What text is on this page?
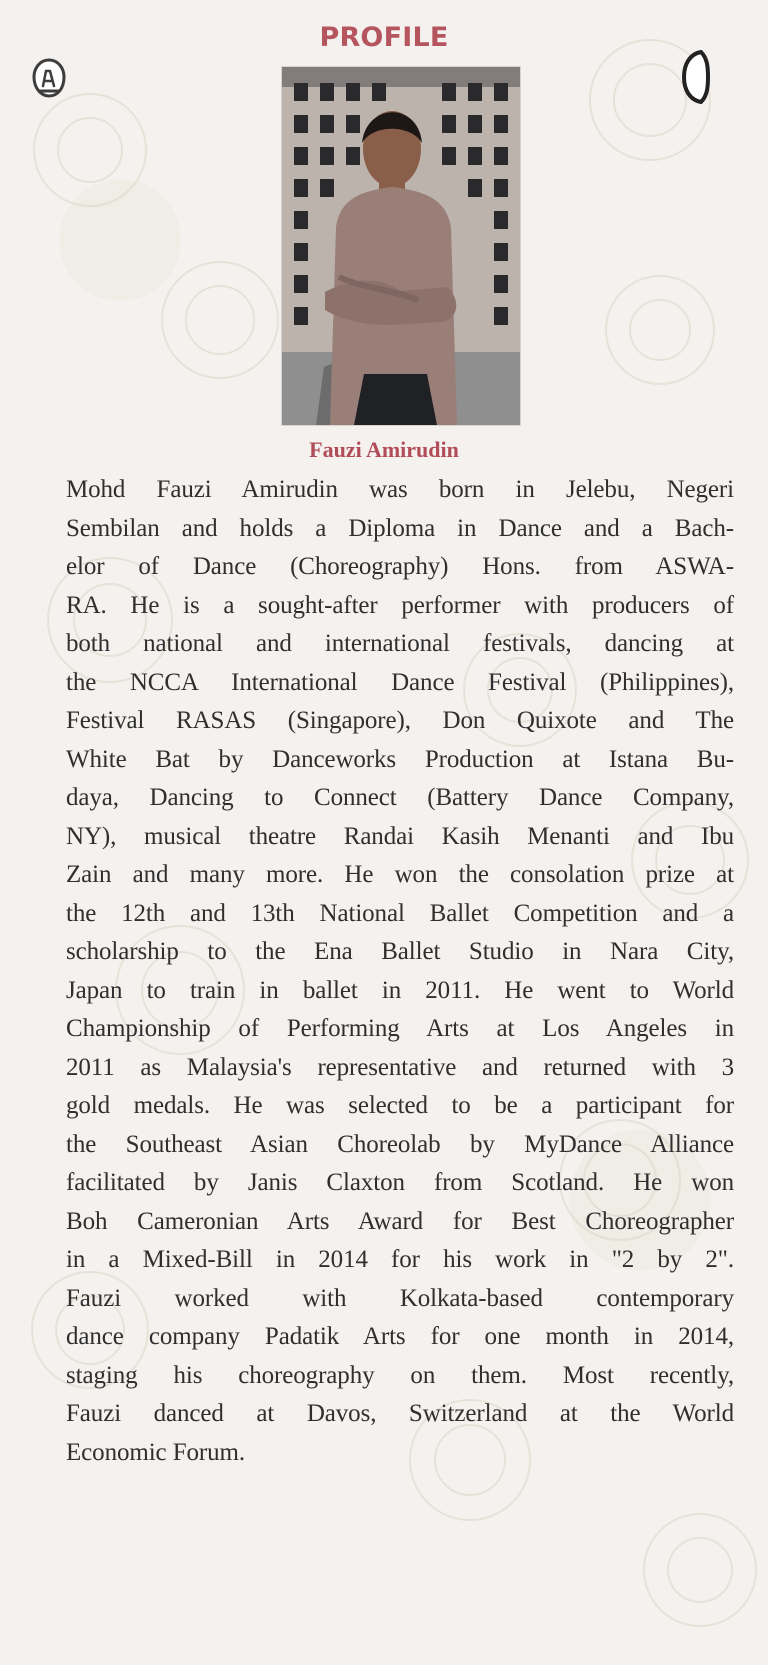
PROFILE
Fauzi Amirudin
Mohd Fauzi Amirudin was born in Jelebu, Negeri
Sembilan and holds a Diploma in Dance and a Bach-
elor of Dance (Choreography) Hons. from ASWA-
RA. He is a sought-after performer with producers of
both national and international festivals, dancing at
the NCCA International Dance Festival (Philippines),
Festival RASAS (Singapore), Don Quixote and The
White Bat by Danceworks Production at Istana Bu-
daya, Dancing to Connect (Battery Dance Company,
NY), musical theatre Randai Kasih Menanti and Ibu
Zain and many more. He won the consolation prize at
the 12th and 13th National Ballet Competition and a
scholarship to the Ena Ballet Studio in Nara City,
Japan to train in ballet in 2011. He went to World
Championship of Performing Arts at Los Angeles in
2011 as Malaysia's representative and returned with 3
gold medals. He was selected to be a participant for
the Southeast Asian Choreolab by MyDance Alliance
facilitated by Janis Claxton from Scotland. He won
Boh Cameronian Arts Award for Best Choreographer
in a Mixed-Bill in 2014 for his work in "2 by 2".
Fauzi worked with Kolkata-based contemporary
dance company Padatik Arts for one month in 2014,
staging his choreography on them. Most recently,
Fauzi danced at Davos, Switzerland at the World
Economic Forum.
